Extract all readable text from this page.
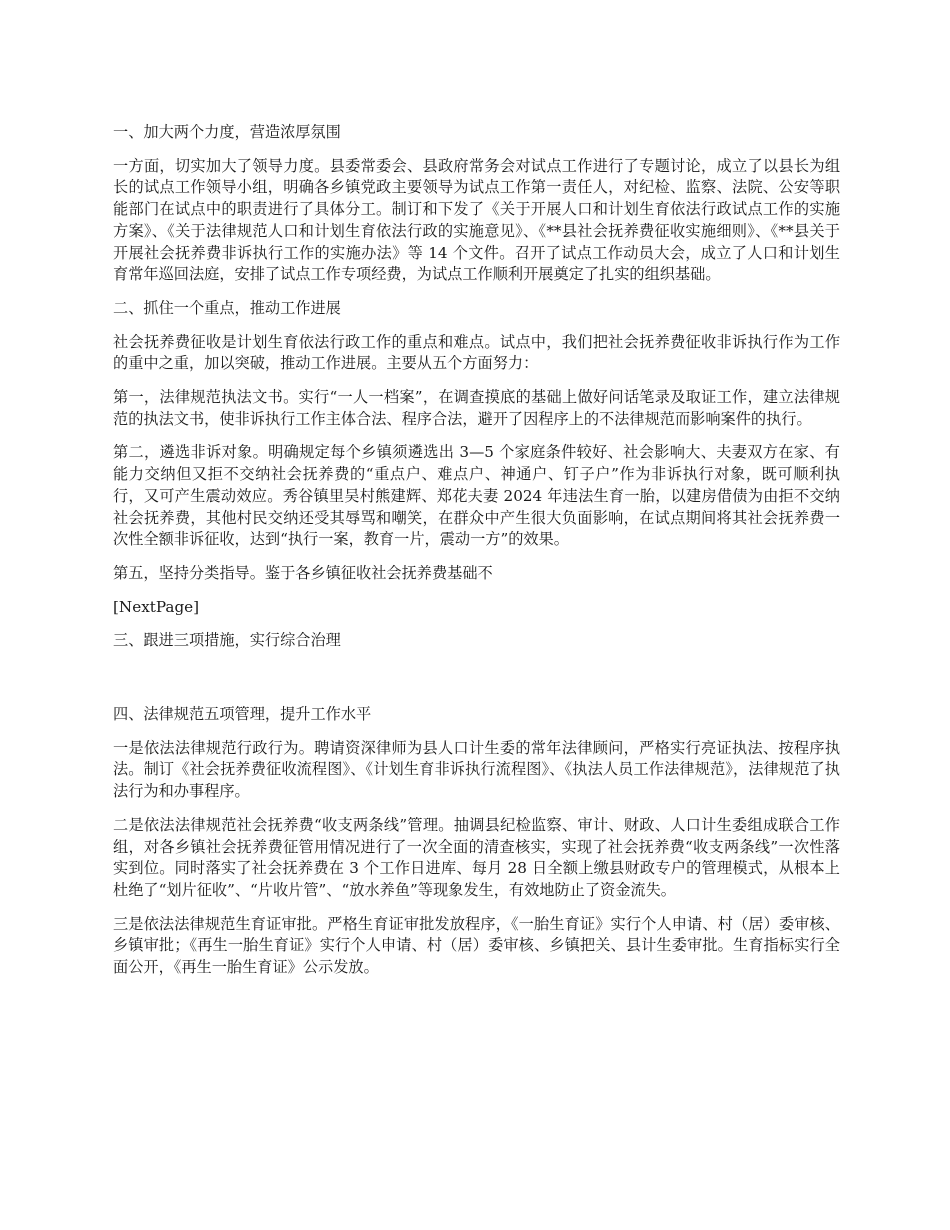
一、加大两个力度，营造浓厚氛围

一方面，切实加大了领导力度。县委常委会、县政府常务会对试点工作进行了专题讨论，成立了以县长为组长的试点工作领导小组，明确各乡镇党政主要领导为试点工作第一责任人，对纪检、监察、法院、公安等职能部门在试点中的职责进行了具体分工。制订和下发了《关于开展人口和计划生育依法行政试点工作的实施方案》、《关于法律规范人口和计划生育依法行政的实施意见》、《**县社会抚养费征收实施细则》、《**县关于开展社会抚养费非诉执行工作的实施办法》等 14 个文件。召开了试点工作动员大会，成立了人口和计划生育常年巡回法庭，安排了试点工作专项经费，为试点工作顺利开展奠定了扎实的组织基础。

二、抓住一个重点，推动工作进展

社会抚养费征收是计划生育依法行政工作的重点和难点。试点中，我们把社会抚养费征收非诉执行作为工作的重中之重，加以突破，推动工作进展。主要从五个方面努力：

第一，法律规范执法文书。实行“一人一档案”，在调查摸底的基础上做好问话笔录及取证工作，建立法律规范的执法文书，使非诉执行工作主体合法、程序合法，避开了因程序上的不法律规范而影响案件的执行。

第二，遴选非诉对象。明确规定每个乡镇须遴选出 3—5 个家庭条件较好、社会影响大、夫妻双方在家、有能力交纳但又拒不交纳社会抚养费的“重点户、难点户、神通户、钉子户”作为非诉执行对象，既可顺利执行，又可产生震动效应。秀谷镇里吴村熊建辉、郑花夫妻 2024 年违法生育一胎，以建房借债为由拒不交纳社会抚养费，其他村民交纳还受其辱骂和嘲笑，在群众中产生很大负面影响，在试点期间将其社会抚养费一次性全额非诉征收，达到“执行一案，教育一片，震动一方”的效果。

第五，坚持分类指导。鉴于各乡镇征收社会抚养费基础不

[NextPage]

三、跟进三项措施，实行综合治理

四、法律规范五项管理，提升工作水平

一是依法法律规范行政行为。聘请资深律师为县人口计生委的常年法律顾问，严格实行亮证执法、按程序执法。制订《社会抚养费征收流程图》、《计划生育非诉执行流程图》、《执法人员工作法律规范》，法律规范了执法行为和办事程序。

二是依法法律规范社会抚养费“收支两条线”管理。抽调县纪检监察、审计、财政、人口计生委组成联合工作组，对各乡镇社会抚养费征管用情况进行了一次全面的清查核实，实现了社会抚养费“收支两条线”一次性落实到位。同时落实了社会抚养费在 3 个工作日进库、每月 28 日全额上缴县财政专户的管理模式，从根本上杜绝了“划片征收”、“片收片管”、“放水养鱼”等现象发生，有效地防止了资金流失。

三是依法法律规范生育证审批。严格生育证审批发放程序，《一胎生育证》实行个人申请、村（居）委审核、乡镇审批；《再生一胎生育证》实行个人申请、村（居）委审核、乡镇把关、县计生委审批。生育指标实行全面公开，《再生一胎生育证》公示发放。
